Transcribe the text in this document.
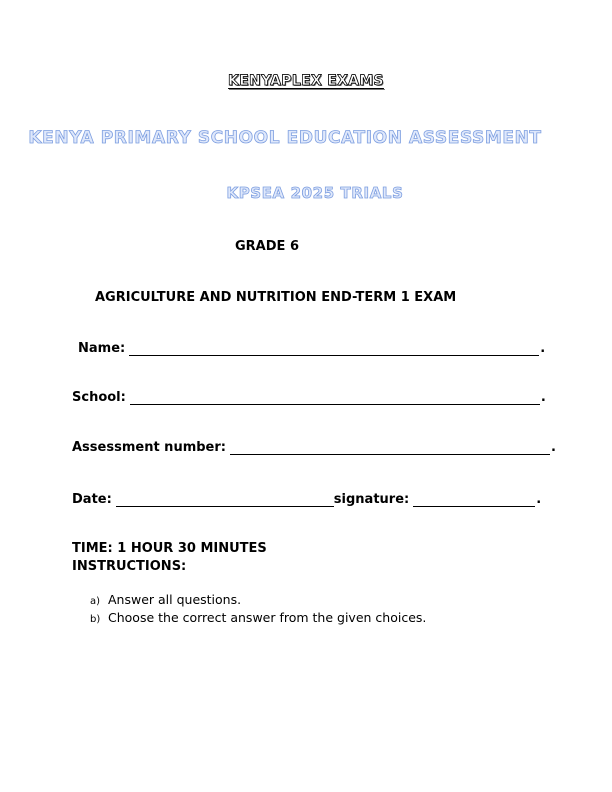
KENYAPLEX EXAMS
KENYA PRIMARY SCHOOL EDUCATION ASSESSMENT
KPSEA 2025 TRIALS
GRADE 6
AGRICULTURE AND NUTRITION END-TERM 1 EXAM
Name:	.
School:	.
Assessment number:	.
Date:	signature:	.
TIME: 1 HOUR 30 MINUTES
INSTRUCTIONS:
a) Answer all questions.
b) Choose the correct answer from the given choices.
